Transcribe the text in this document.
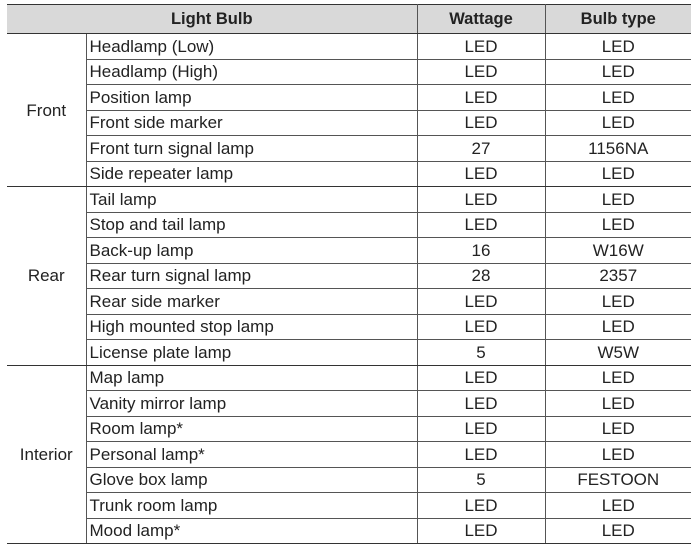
Light Bulb		Wattage	Bulb type
Front	Headlamp (Low)	LED	LED
	Headlamp (High)	LED	LED
	Position lamp	LED	LED
	Front side marker	LED	LED
	Front turn signal lamp	27	1156NA
	Side repeater lamp	LED	LED
Rear	Tail lamp	LED	LED
	Stop and tail lamp	LED	LED
	Back-up lamp	16	W16W
	Rear turn signal lamp	28	2357
	Rear side marker	LED	LED
	High mounted stop lamp	LED	LED
	License plate lamp	5	W5W
Interior	Map lamp	LED	LED
	Vanity mirror lamp	LED	LED
	Room lamp*	LED	LED
	Personal lamp*	LED	LED
	Glove box lamp	5	FESTOON
	Trunk room lamp	LED	LED
	Mood lamp*	LED	LED
